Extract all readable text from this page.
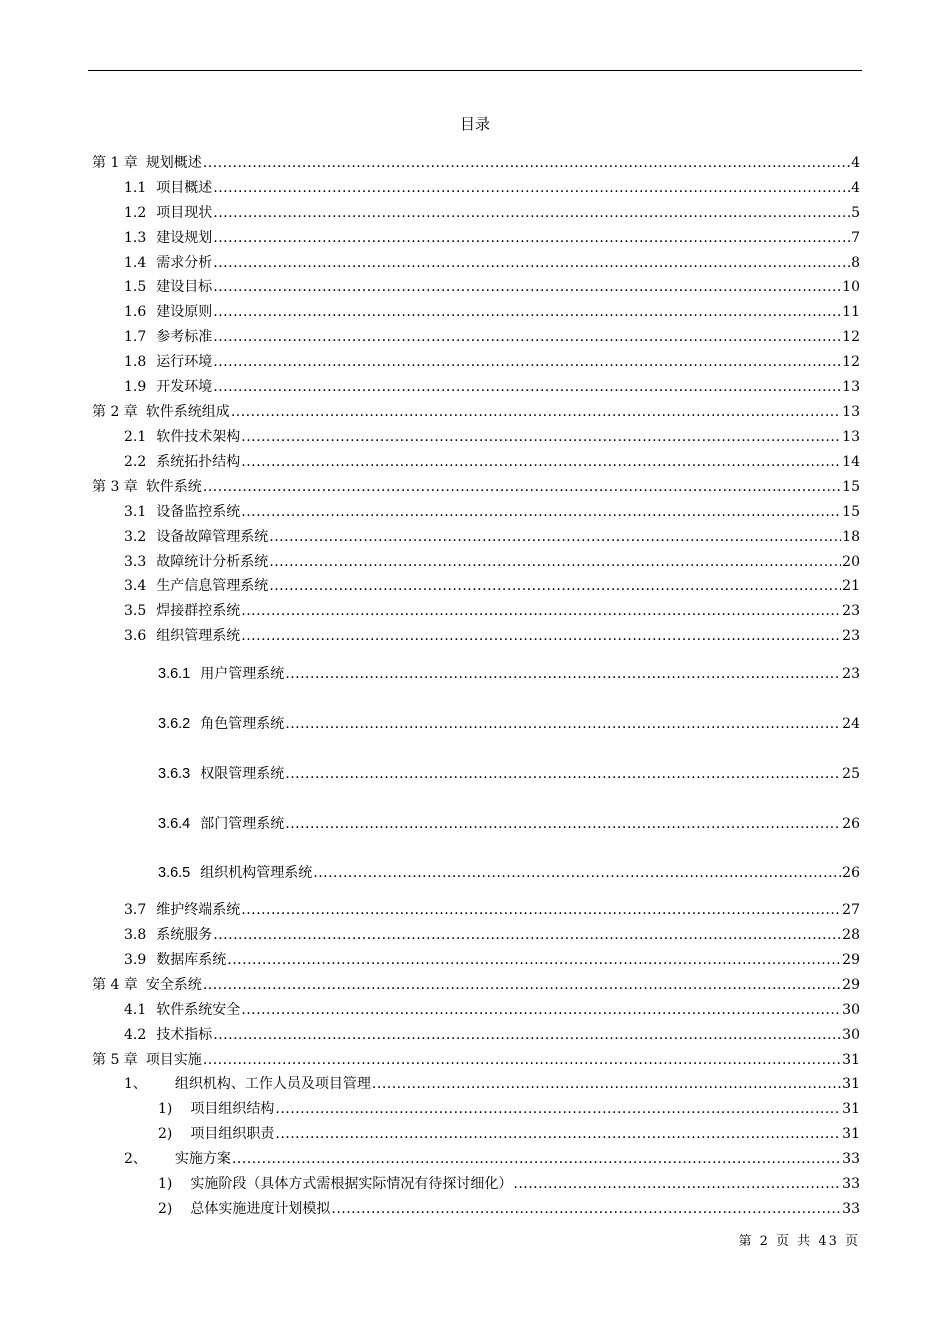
目录
第 1 章 规划概述 .....	4
1.1 项目概述 .....	4
1.2 项目现状 .....	5
1.3 建设规划 .....	7
1.4 需求分析 .....	8
1.5 建设目标 .....	10
1.6 建设原则 .....	11
1.7 参考标准 .....	12
1.8 运行环境 .....	12
1.9 开发环境 .....	13
第 2 章 软件系统组成 .....	13
2.1 软件技术架构 .....	13
2.2 系统拓扑结构 .....	14
第 3 章 软件系统 .....	15
3.1 设备监控系统 .....	15
3.2 设备故障管理系统 .....	18
3.3 故障统计分析系统 .....	20
3.4 生产信息管理系统 .....	21
3.5 焊接群控系统 .....	23
3.6 组织管理系统 .....	23
3.6.1 用户管理系统 .....	23
3.6.2 角色管理系统 .....	24
3.6.3 权限管理系统 .....	25
3.6.4 部门管理系统 .....	26
3.6.5 组织机构管理系统 .....	26
3.7 维护终端系统 .....	27
3.8 系统服务 .....	28
3.9 数据库系统 .....	29
第 4 章 安全系统 .....	29
4.1 软件系统安全 .....	30
4.2 技术指标 .....	30
第 5 章 项目实施 .....	31
1、 组织机构、工作人员及项目管理 .....	31
1) 项目组织结构 .....	31
2) 项目组织职责 .....	31
2、 实施方案 .....	33
1) 实施阶段（具体方式需根据实际情况有待探讨细化） .....	33
2) 总体实施进度计划模拟 .....	33
第 2 页 共 43 页
